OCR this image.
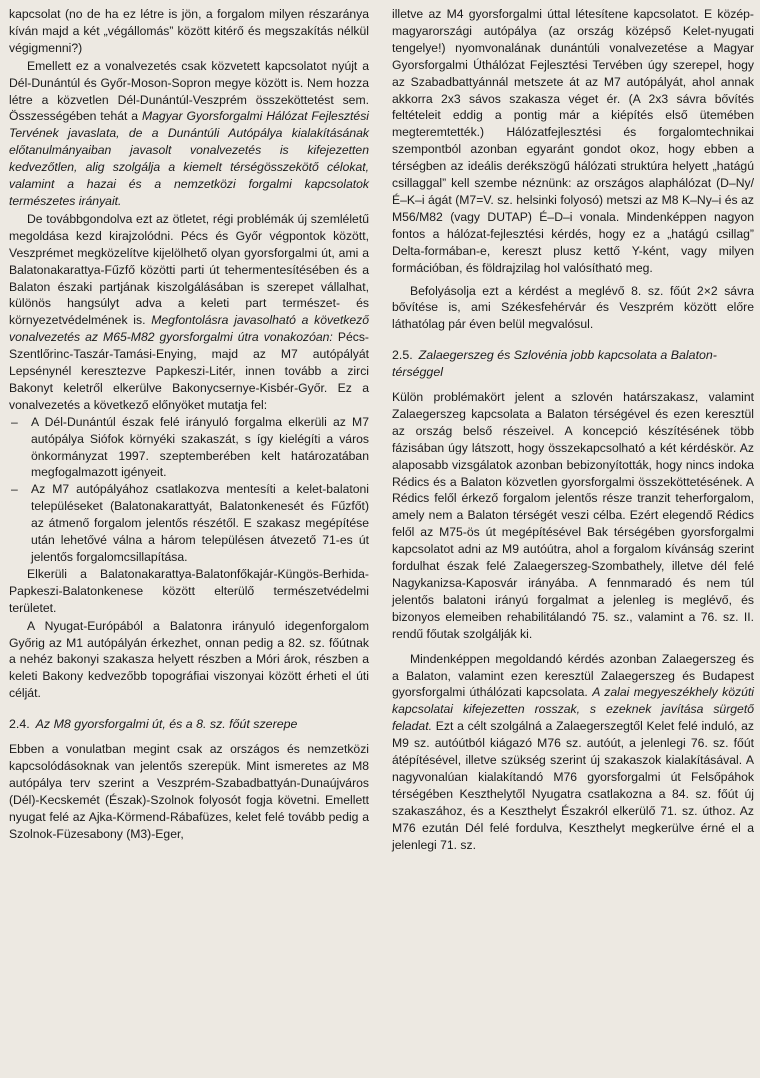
kapcsolat (no de ha ez létre is jön, a forgalom milyen részaránya kíván majd a két „végállomás” között kitérő és megszakítás nélkül végigmenni?)

Emellett ez a vonalvezetés csak közvetett kapcsolatot nyújt a Dél-Dunántúl és Győr-Moson-Sopron megye között is. Nem hozza létre a közvetlen Dél-Dunántúl-Veszprém összeköttetést sem. Összességében tehát a Magyar Gyorsforgalmi Hálózat Fejlesztési Tervének javaslata, de a Dunántúli Autópálya kialakításának előtanulmányaiban javasolt vonalvezetés is kifejezetten kedvezőtlen, alig szolgálja a kiemelt térségösszekötő célokat, valamint a hazai és a nemzetközi forgalmi kapcsolatok természetes irányait.

De továbbgondolva ezt az ötletet, régi problémák új szemléletű megoldása kezd kirajzolódni. Pécs és Győr végpontok között, Veszprémet megközelítve kijelölhető olyan gyorsforgalmi út, ami a Balatonakarattya-Fűzfő közötti parti út tehermentesítésében és a Balaton északi partjának kiszolgálásában is szerepet vállalhat, különös hangsúlyt adva a keleti part természet- és környezetvédelmének is. Megfontolásra javasolható a következő vonalvezetés az M65-M82 gyorsforgalmi útra vonakozóan: Pécs-Szentlőrinc-Taszár-Tamási-Enying, majd az M7 autópályát Lepsénynél keresztezve Papkeszi-Litér, innen tovább a zirci Bakonyt keletről elkerülve Bakonycsernye-Kisbér-Győr. Ez a vonalvezetés a következő előnyöket mutatja fel:

– A Dél-Dunántúl észak felé irányuló forgalma elkerüli az M7 autópálya Siófok környéki szakaszát, s így kielégíti a város önkormányzat 1997. szeptemberében kelt határozatában megfogalmazott igényeit.
– Az M7 autópályához csatlakozva mentesíti a kelet-balatoni településeket (Balatonakarattyát, Balatonkenesét és Fűzfőt) az átmenő forgalom jelentős részétől. E szakasz megépítése után lehetővé válna a három településen átvezető 71-es út jelentős forgalomcsillapítása.

Elkerüli a Balatonakarattya-Balatonfőkajár-Küngös-Berhida-Papkeszi-Balatonkenese között elterülő természetvédelmi területet.

A Nyugat-Európából a Balatonra irányuló idegenforgalom Győrig az M1 autópályán érkezhet, onnan pedig a 82. sz. főútnak a nehéz bakonyi szakasza helyett részben a Móri árok, részben a keleti Bakony kedvezőbb topográfiai viszonyai között érheti el úti célját.

2.4. Az M8 gyorsforgalmi út, és a 8. sz. főút szerepe

Ebben a vonulatban megint csak az országos és nemzetközi kapcsolódásoknak van jelentős szerepük. Mint ismeretes az M8 autópálya terv szerint a Veszprém-Szabadbattyán-Dunaújváros (Dél)-Kecskemét (Észak)-Szolnok folyosót fogja követni. Emellett nyugat felé az Ajka-Körmend-Rábafüzes, kelet felé tovább pedig a Szolnok-Füzesabony (M3)-Eger,

illetve az M4 gyorsforgalmi úttal létesítene kapcsolatot. E közép-magyarországi autópálya (az ország középső Kelet-nyugati tengelye!) nyomvonalának dunántúli vonalvezetése a Magyar Gyorsforgalmi Úthálózat Fejlesztési Tervében úgy szerepel, hogy az Szabadbattyánnál metszete át az M7 autópályát, ahol annak akkorra 2x3 sávos szakasza véget ér. (A 2x3 sávra bővítés feltételeit eddig a pontig már a kiépítés első ütemében megteremtették.) Hálózatfejlesztési és forgalomtechnikai szempontból azonban egyaránt gondot okoz, hogy ebben a térségben az ideális derékszögű hálózati struktúra helyett „hatágú csillaggal” kell szembe néznünk: az országos alaphálózat (D–Ny/É–K–i ágát (M7=V. sz. helsinki folyosó) metszi az M8 K–Ny–i és az M56/M82 (vagy DUTAP) É–D–i vonala. Mindenképpen nagyon fontos a hálózat-fejlesztési kérdés, hogy ez a „hatágú csillag” Delta-formában-e, kereszt plusz kettő Y-ként, vagy milyen formációban, és földrajzilag hol valósítható meg.

Befolyásolja ezt a kérdést a meglévő 8. sz. főút 2×2 sávra bővítése is, ami Székesfehérvár és Veszprém között előre láthatólag pár éven belül megvalósul.

2.5. Zalaegerszeg és Szlovénia jobb kapcsolata a Balaton-térséggel

Külön problémakört jelent a szlovén határszakasz, valamint Zalaegerszeg kapcsolata a Balaton térségével és ezen keresztül az ország belső részeivel. A koncepció készítésének több fázisában úgy látszott, hogy összekapcsolható a két kérdéskör. Az alaposabb vizsgálatok azonban bebizonyították, hogy nincs indoka Rédics és a Balaton közvetlen gyorsforgalmi összeköttetésének. A Rédics felől érkező forgalom jelentős része tranzit teherforgalom, amely nem a Balaton térségét veszi célba. Ezért elegendő Rédics felől az M75-ös út megépítésével Bak térségében gyorsforgalmi kapcsolatot adni az M9 autóútra, ahol a forgalom kívánság szerint fordulhat észak felé Zalaegerszeg-Szombathely, illetve dél felé Nagykanizsa-Kaposvár irányába. A fennmaradó és nem túl jelentős balatoni irányú forgalmat a jelenleg is meglévő, és bizonyos elemeiben rehabilitálandó 75. sz., valamint a 76. sz. II. rendű főutak szolgálják ki.

Mindenképpen megoldandó kérdés azonban Zalaegerszeg és a Balaton, valamint ezen keresztül Zalaegerszeg és Budapest gyorsforgalmi úthálózati kapcsolata. A zalai megyeszékhely közúti kapcsolatai kifejezetten rosszak, s ezeknek javítása sürgető feladat. Ezt a célt szolgálná a Zalaegerszegtől Kelet felé induló, az M9 sz. autóútból kiágazó M76 sz. autóút, a jelenlegi 76. sz. főút átépítésével, illetve szükség szerint új szakaszok kialakításával. A nagyvonalúan kialakítandó M76 gyorsforgalmi út Felsőpáhok térségében Keszthelytől Nyugatra csatlakozna a 84. sz. főút új szakaszához, és a Keszthelyt Északról elkerülő 71. sz. úthoz. Az M76 ezután Dél felé fordulva, Keszthelyt megkerülve érné el a jelenlegi 71. sz.
